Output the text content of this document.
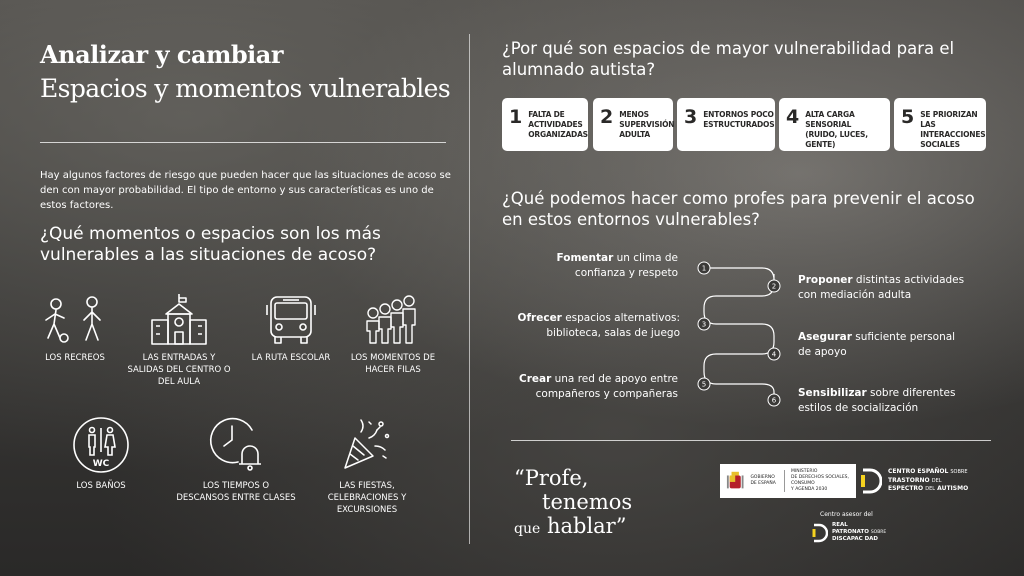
Analizar y cambiar
Espacios y momentos vulnerables
Hay algunos factores de riesgo que pueden hacer que las situaciones de acoso se den con mayor probabilidad. El tipo de entorno y sus características es uno de estos factores.
¿Qué momentos o espacios son los más vulnerables a las situaciones de acoso?
LOS RECREOS	LAS ENTRADAS Y SALIDAS DEL CENTRO O DEL AULA
LA RUTA ESCOLAR	LOS MOMENTOS DE HACER FILAS
WC
LOS BAÑOS	LOS TIEMPOS O DESCANSOS ENTRE CLASES
LAS FIESTAS, CELEBRACIONES Y EXCURSIONES
¿Por qué son espacios de mayor vulnerabilidad para el alumnado autista?
1 FALTA DE ACTIVIDADES ORGANIZADAS
2 MENOS SUPERVISIÓN ADULTA
3 ENTORNOS POCO ESTRUCTURADOS 4 ALTA CARGA SENSORIAL (RUIDO, LUCES, GENTE)
5 SE PRIORIZAN LAS INTERACCIONES SOCIALES
¿Qué podemos hacer como profes para prevenir el acoso en estos entornos vulnerables?
1
2
3
4
5
6
Fomentar un clima de confianza y respeto
Proponer distintas actividades con mediación adulta
Ofrecer espacios alternativos: biblioteca, salas de juego	Asegurar suficiente personal de apoyo
Crear una red de apoyo entre compañeros y compañeras	Sensibilizar sobre diferentes estilos de socialización
“Profe,
tenemos
que hablar”
GOBIERNO
DE ESPAÑA
MINISTERIO
DE DERECHOS SOCIALES, CONSUMO
Y AGENDA 2030
CENTRO ESPAÑOL SOBRE
TRASTORNO DEL
ESPECTRO DEL AUTISMO
Centro asesor del
REAL
PATRONATO SOBRE
DISCAPAC DAD
